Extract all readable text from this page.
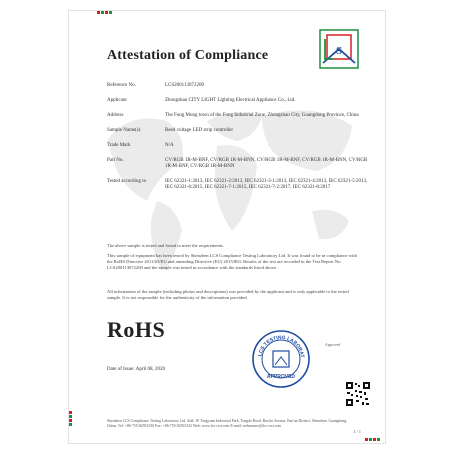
Attestation of Compliance	S
Reference No.	LCS200113072200
Applicant	Zhongshan CITY LIGHT Lighting Electrical Appliance Co., Ltd.
Address	The Fong Mong town of the Fong Industrial Zone, Zhongshan City, Guangdong Province, China
Sample Name(s)	Reed voltage LED strip controller
Trade Mark	N/A
Part No.	CV/RGB 1R-M-BNF, CV/RGB 1R-M-BNN, CV/RGB 1R-M-BNF, CV/RGB 1R-M-BNN, CV/RGB 1R-M-BNF, CV/RGB 1R-M-BNN
Tested according to	IEC 62321-1:2013, IEC 62321-2:2013, IEC 62321-3-1:2013, IEC 62321-4:2013, IEC 62321-5:2013, IEC 62321-6:2015, IEC 62321-7-1:2015, IEC 62321-7-2:2017, IEC 62321-8:2017
The above sample is tested and found to meet the requirements.
This sample of equipment has been tested by Shenzhen LCS Compliance Testing Laboratory Ltd. It was found to be in compliance with the RoHS Directive 2011/65/EU and amending Directive (EU) 2015/863. Results of the test are recorded in the Test Report No. LCS200113072200 and the sample was tested in accordance with the standards listed above.
All information of the sample (including photos and descriptions) was provided by the applicant and is only applicable to the tested sample. It is not responsible for the authenticity of the information provided.
RoHS
LCS TESTING LABORAT
APPROVED
Approved
Date of Issue: April 08, 2020
Shenzhen LCS Compliance Testing Laboratory Ltd. Add: 1F Xingyuan Industrial Park, Tongda Road, Bao'an Avenue, Bao'an District, Shenzhen, Guangdong, China. Tel: +86-755-82591330 Fax: +86-755-82591332 Web: www.lcs-cert.com E-mail: webmaster@lcs-cert.com
1 / 1
